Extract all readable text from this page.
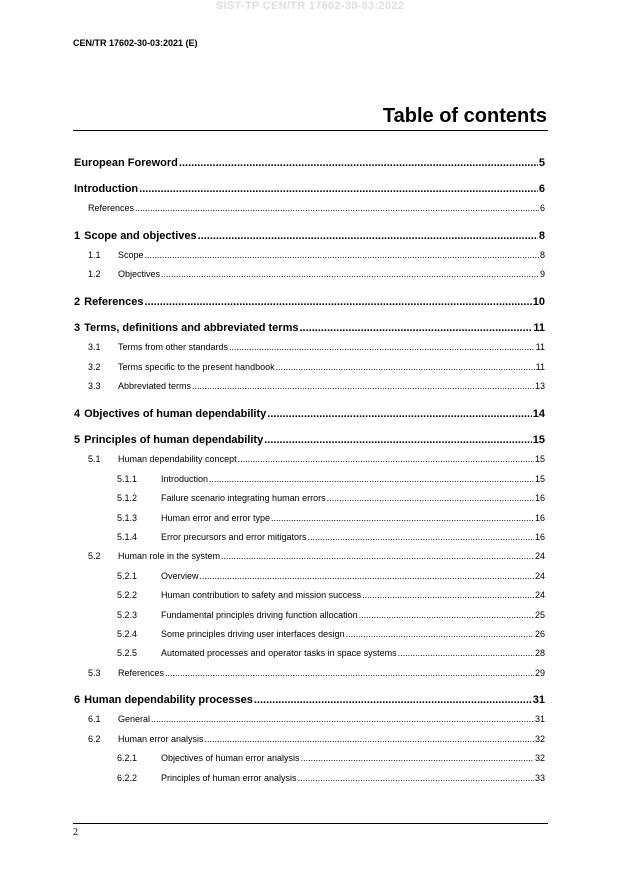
SIST-TP CEN/TR 17602-30-03:2022
CEN/TR 17602-30-03:2021 (E)
Table of contents
European Foreword .....	5
Introduction .....	6
References .....	6
1 Scope and objectives .....	8
1.1	Scope .....	8
1.2	Objectives .....	9
2 References .....	10
3 Terms, definitions and abbreviated terms .....	11
3.1	Terms from other standards .....	11
3.2	Terms specific to the present handbook .....	11
3.3	Abbreviated terms .....	13
4 Objectives of human dependability .....	14
5 Principles of human dependability .....	15
5.1	Human dependability concept .....	15
5.1.1	Introduction .....	15
5.1.2	Failure scenario integrating human errors .....	16
5.1.3	Human error and error type .....	16
5.1.4	Error precursors and error mitigators .....	16
5.2	Human role in the system .....	24
5.2.1	Overview .....	24
5.2.2	Human contribution to safety and mission success .....	24
5.2.3	Fundamental principles driving function allocation .....	25
5.2.4	Some principles driving user interfaces design .....	26
5.2.5	Automated processes and operator tasks in space systems .....	28
5.3	References .....	29
6 Human dependability processes .....	31
6.1	General .....	31
6.2	Human error analysis .....	32
6.2.1	Objectives of human error analysis .....	32
6.2.2	Principles of human error analysis .....	33
2
